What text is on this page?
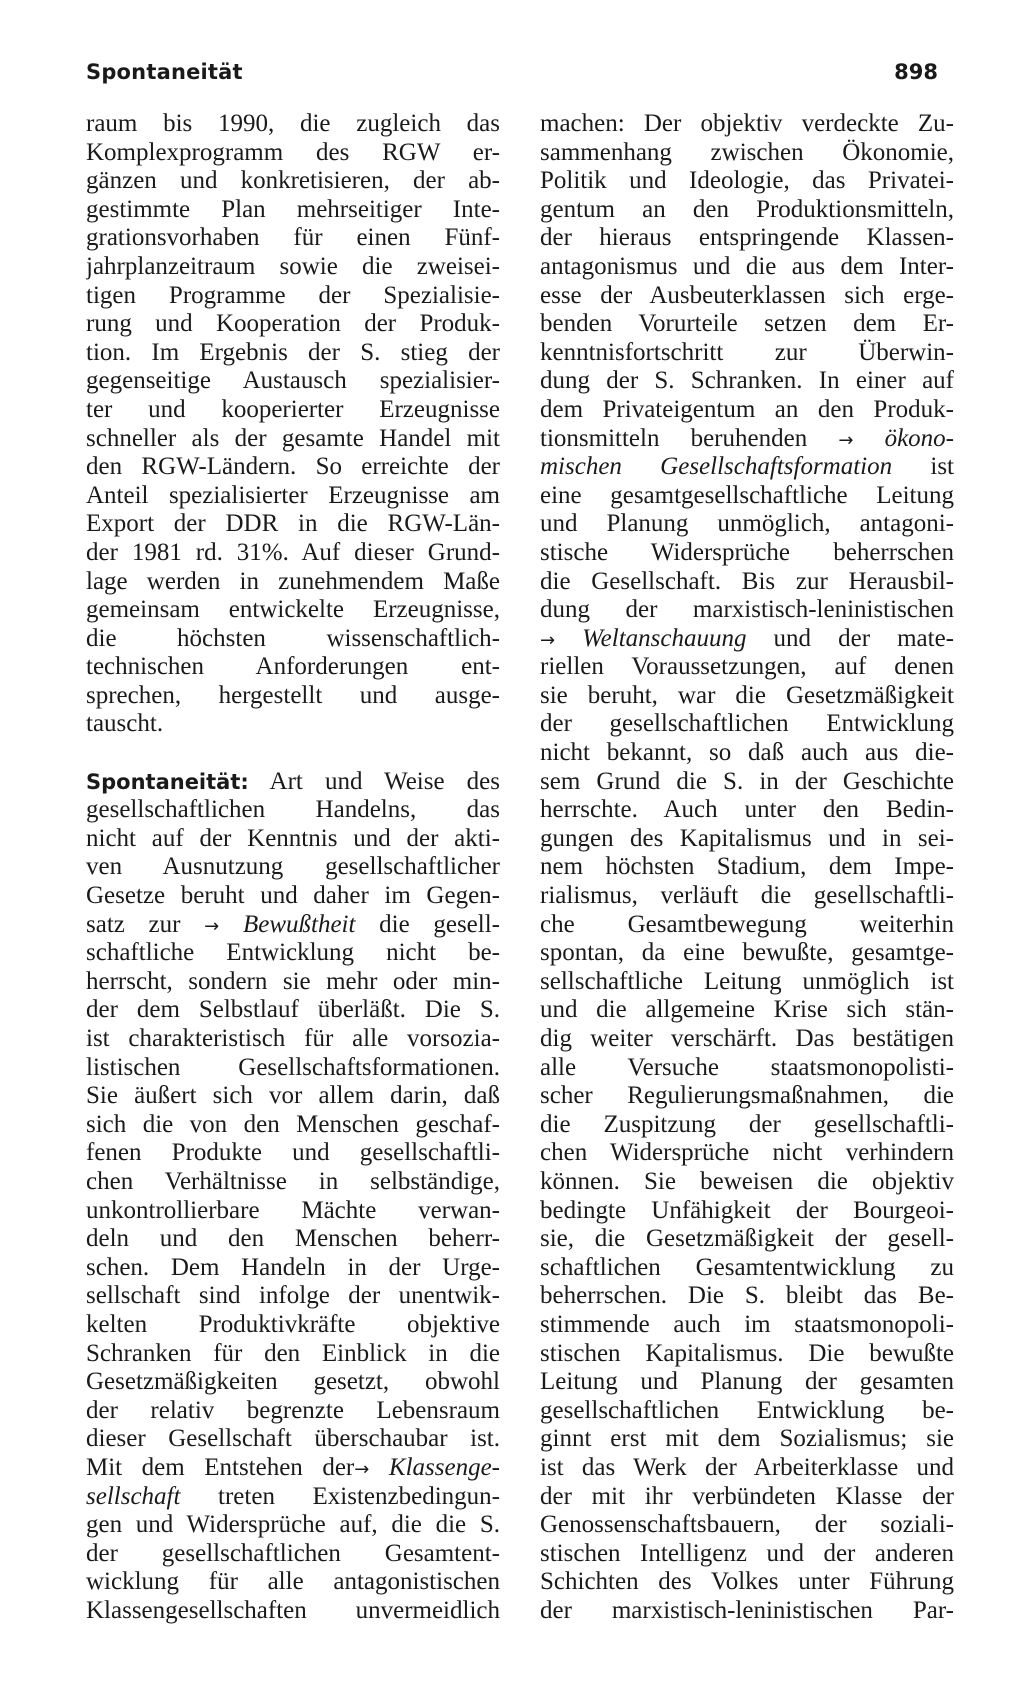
Spontaneität	898
raum bis 1990, die zugleich das
Komplexprogramm des RGW er-
gänzen und konkretisieren, der ab-
gestimmte Plan mehrseitiger Inte-
grationsvorhaben für einen Fünf-
jahrplanzeitraum sowie die zweisei-
tigen Programme der Spezialisie-
rung und Kooperation der Produk-
tion. Im Ergebnis der S. stieg der
gegenseitige Austausch spezialisier-
ter und kooperierter Erzeugnisse
schneller als der gesamte Handel mit
den RGW-Ländern. So erreichte der
Anteil spezialisierter Erzeugnisse am
Export der DDR in die RGW-Län-
der 1981 rd. 31%. Auf dieser Grund-
lage werden in zunehmendem Maße
gemeinsam entwickelte Erzeugnisse,
die höchsten wissenschaftlich-
technischen Anforderungen ent-
sprechen, hergestellt und ausge-
tauscht.
Spontaneität: Art und Weise des
gesellschaftlichen Handelns, das
nicht auf der Kenntnis und der akti-
ven Ausnutzung gesellschaftlicher
Gesetze beruht und daher im Gegen-
satz zur → Bewußtheit die gesell-
schaftliche Entwicklung nicht be-
herrscht, sondern sie mehr oder min-
der dem Selbstlauf überläßt. Die S.
ist charakteristisch für alle vorsozia-
listischen Gesellschaftsformationen.
Sie äußert sich vor allem darin, daß
sich die von den Menschen geschaf-
fenen Produkte und gesellschaftli-
chen Verhältnisse in selbständige,
unkontrollierbare Mächte verwan-
deln und den Menschen beherr-
schen. Dem Handeln in der Urge-
sellschaft sind infolge der unentwik-
kelten Produktivkräfte objektive
Schranken für den Einblick in die
Gesetzmäßigkeiten gesetzt, obwohl
der relativ begrenzte Lebensraum
dieser Gesellschaft überschaubar ist.
Mit dem Entstehen der→ Klassenge-
sellschaft treten Existenzbedingun-
gen und Widersprüche auf, die die S.
der gesellschaftlichen Gesamtent-
wicklung für alle antagonistischen
Klassengesellschaften unvermeidlich
machen: Der objektiv verdeckte Zu-
sammenhang zwischen Ökonomie,
Politik und Ideologie, das Privatei-
gentum an den Produktionsmitteln,
der hieraus entspringende Klassen-
antagonismus und die aus dem Inter-
esse der Ausbeuterklassen sich erge-
benden Vorurteile setzen dem Er-
kenntnisfortschritt zur Überwin-
dung der S. Schranken. In einer auf
dem Privateigentum an den Produk-
tionsmitteln beruhenden → ökono-
mischen Gesellschaftsformation ist
eine gesamtgesellschaftliche Leitung
und Planung unmöglich, antagoni-
stische Widersprüche beherrschen
die Gesellschaft. Bis zur Herausbil-
dung der marxistisch-leninistischen
→ Weltanschauung und der mate-
riellen Voraussetzungen, auf denen
sie beruht, war die Gesetzmäßigkeit
der gesellschaftlichen Entwicklung
nicht bekannt, so daß auch aus die-
sem Grund die S. in der Geschichte
herrschte. Auch unter den Bedin-
gungen des Kapitalismus und in sei-
nem höchsten Stadium, dem Impe-
rialismus, verläuft die gesellschaftli-
che Gesamtbewegung weiterhin
spontan, da eine bewußte, gesamtge-
sellschaftliche Leitung unmöglich ist
und die allgemeine Krise sich stän-
dig weiter verschärft. Das bestätigen
alle Versuche staatsmonopolisti-
scher Regulierungsmaßnahmen, die
die Zuspitzung der gesellschaftli-
chen Widersprüche nicht verhindern
können. Sie beweisen die objektiv
bedingte Unfähigkeit der Bourgeoi-
sie, die Gesetzmäßigkeit der gesell-
schaftlichen Gesamtentwicklung zu
beherrschen. Die S. bleibt das Be-
stimmende auch im staatsmonopoli-
stischen Kapitalismus. Die bewußte
Leitung und Planung der gesamten
gesellschaftlichen Entwicklung be-
ginnt erst mit dem Sozialismus; sie
ist das Werk der Arbeiterklasse und
der mit ihr verbündeten Klasse der
Genossenschaftsbauern, der soziali-
stischen Intelligenz und der anderen
Schichten des Volkes unter Führung
der marxistisch-leninistischen Par-
